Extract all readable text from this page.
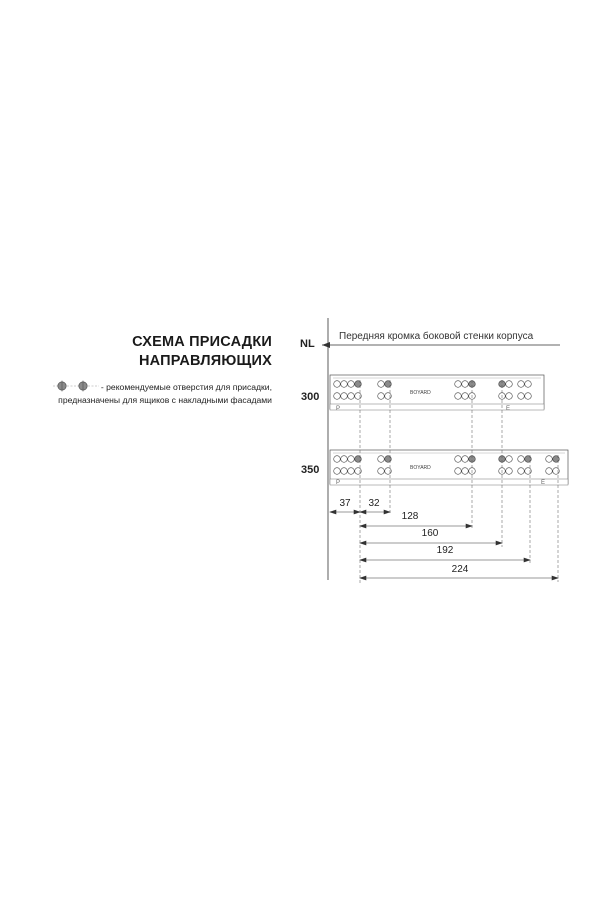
СХЕМА ПРИСАДКИ
НАПРАВЛЯЮЩИХ
- рекомендуемые отверстия для присадки,
предназначены для ящиков с накладными фасадами
NL
Передняя кромка боковой стенки корпуса
300
350
37	32
128
160
192
224
BOYARD
P	E
BOYARD
P	E
